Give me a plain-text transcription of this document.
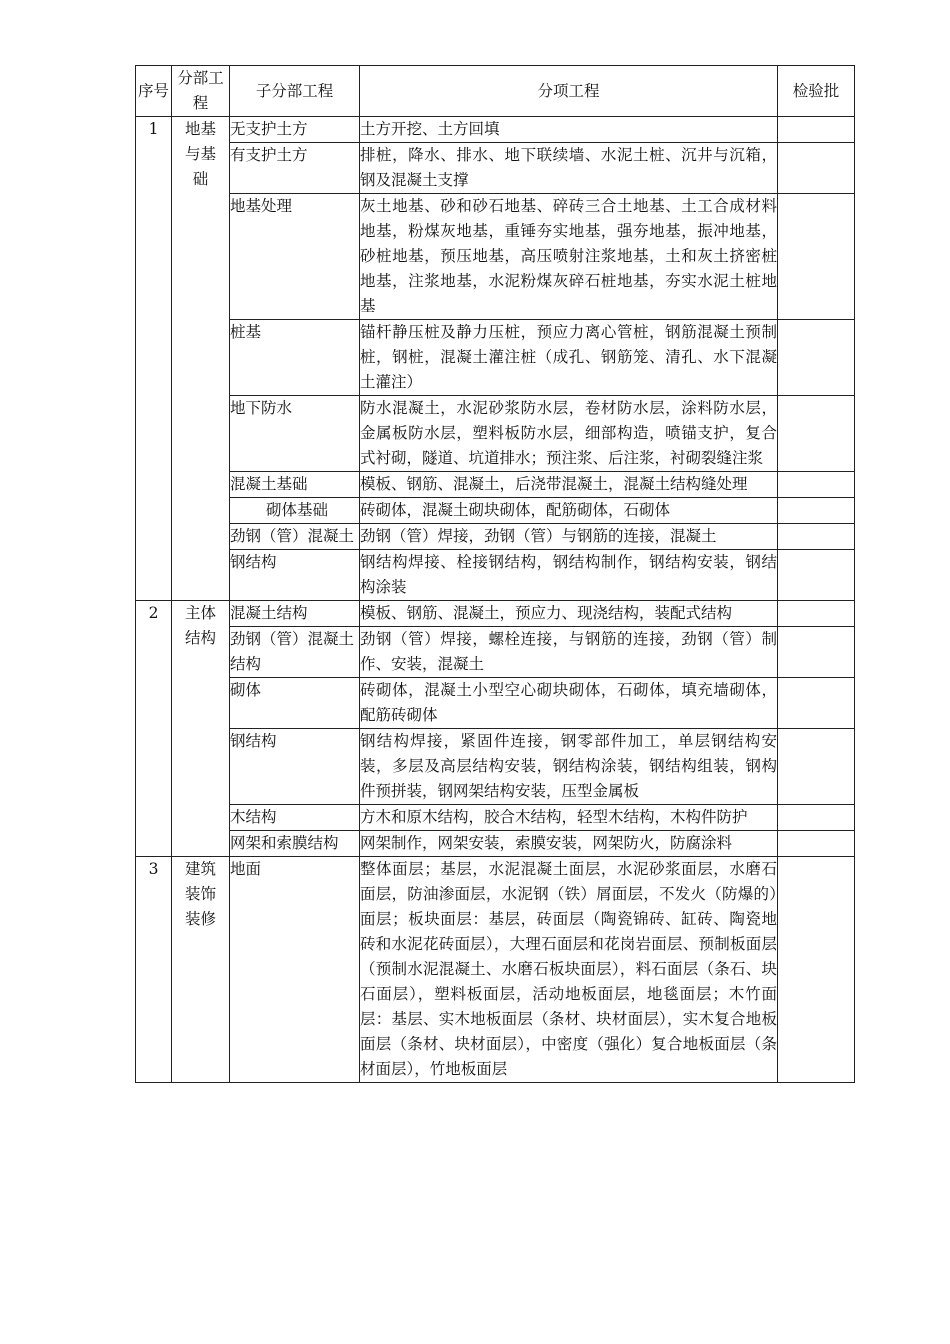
序号	分部工程	子分部工程	分项工程	检验批
1	地基与基础	无支护土方	土方开挖、土方回填	
		有支护土方	排桩，降水、排水、地下联续墙、水泥土桩、沉井与沉箱，钢及混凝土支撑	
		地基处理	灰土地基、砂和砂石地基、碎砖三合土地基、土工合成材料地基，粉煤灰地基，重锤夯实地基，强夯地基，振冲地基，砂桩地基，预压地基，高压喷射注浆地基，土和灰土挤密桩地基，注浆地基，水泥粉煤灰碎石桩地基，夯实水泥土桩地基	
		桩基	锚杆静压桩及静力压桩，预应力离心管桩，钢筋混凝土预制桩，钢桩，混凝土灌注桩（成孔、钢筋笼、清孔、水下混凝土灌注）	
		地下防水	防水混凝土，水泥砂浆防水层，卷材防水层，涂料防水层，金属板防水层，塑料板防水层，细部构造，喷锚支护，复合式衬砌，隧道、坑道排水；预注浆、后注浆，衬砌裂缝注浆	
		混凝土基础	模板、钢筋、混凝土，后浇带混凝土，混凝土结构缝处理	
		砌体基础	砖砌体，混凝土砌块砌体，配筋砌体，石砌体	
		劲钢（管）混凝土	劲钢（管）焊接，劲钢（管）与钢筋的连接，混凝土	
		钢结构	钢结构焊接、栓接钢结构，钢结构制作，钢结构安装，钢结构涂装	
2	主体结构	混凝土结构	模板、钢筋、混凝土，预应力、现浇结构，装配式结构	
		劲钢（管）混凝土结构	劲钢（管）焊接，螺栓连接，与钢筋的连接，劲钢（管）制作、安装，混凝土	
		砌体	砖砌体，混凝土小型空心砌块砌体，石砌体，填充墙砌体，配筋砖砌体	
		钢结构	钢结构焊接，紧固件连接，钢零部件加工，单层钢结构安装，多层及高层结构安装，钢结构涂装，钢结构组装，钢构件预拼装，钢网架结构安装，压型金属板	
		木结构	方木和原木结构，胶合木结构，轻型木结构，木构件防护	
		网架和索膜结构	网架制作，网架安装，索膜安装，网架防火，防腐涂料	
3	建筑装饰装修	地面	整体面层；基层，水泥混凝土面层，水泥砂浆面层，水磨石面层，防油渗面层，水泥钢（铁）屑面层，不发火（防爆的）面层；板块面层：基层，砖面层（陶瓷锦砖、缸砖、陶瓷地砖和水泥花砖面层），大理石面层和花岗岩面层、预制板面层（预制水泥混凝土、水磨石板块面层），料石面层（条石、块石面层），塑料板面层，活动地板面层，地毯面层；木竹面层：基层、实木地板面层（条材、块材面层），实木复合地板面层（条材、块材面层），中密度（强化）复合地板面层（条材面层），竹地板面层	
